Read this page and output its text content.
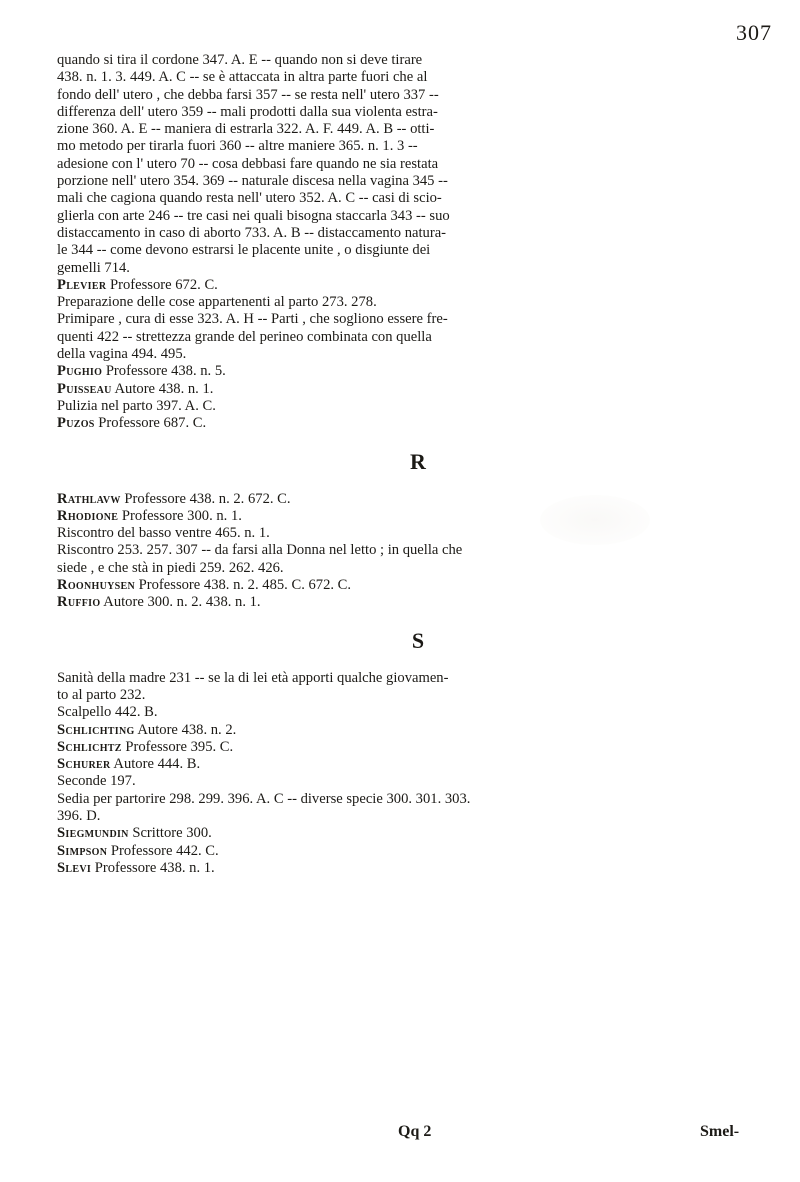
307
quando si tira il cordone 347. A. E -- quando non si deve tirare
438. n. 1. 3. 449. A. C -- se è attaccata in altra parte fuori che al
fondo dell' utero , che debba farsi 357 -- se resta nell' utero 337 --
differenza dell' utero 359 -- mali prodotti dalla sua violenta estra-
zione 360. A. E -- maniera di estrarla 322. A. F. 449. A. B -- otti-
mo metodo per tirarla fuori 360 -- altre maniere 365. n. 1. 3 --
adesione con l' utero 70 -- cosa debbasi fare quando ne sia restata
porzione nell' utero 354. 369 -- naturale discesa nella vagina 345 --
mali che cagiona quando resta nell' utero 352. A. C -- casi di scio-
glierla con arte 246 -- tre casi nei quali bisogna staccarla 343 -- suo
distaccamento in caso di aborto 733. A. B -- distaccamento natura-
le 344 -- come devono estrarsi le placente unite , o disgiunte dei
gemelli 714.
Plevier Professore 672. C.
Preparazione delle cose appartenenti al parto 273. 278.
Primipare , cura di esse 323. A. H -- Parti , che sogliono essere fre-
quenti 422 -- strettezza grande del perineo combinata con quella
della vagina 494. 495.
Pughio Professore 438. n. 5.
Puisseau Autore 438. n. 1.
Pulizia nel parto 397. A. C.
Puzos Professore 687. C.
R
Rathlavw Professore 438. n. 2. 672. C.
Rhodione Professore 300. n. 1.
Riscontro del basso ventre 465. n. 1.
Riscontro 253. 257. 307 -- da farsi alla Donna nel letto ; in quella che
siede , e che stà in piedi 259. 262. 426.
Roonhuysen Professore 438. n. 2. 485. C. 672. C.
Ruffio Autore 300. n. 2. 438. n. 1.
S
Sanità della madre 231 -- se la di lei età apporti qualche giovamen-
to al parto 232.
Scalpello 442. B.
Schlichting Autore 438. n. 2.
Schlichtz Professore 395. C.
Schurer Autore 444. B.
Seconde 197.
Sedia per partorire 298. 299. 396. A. C -- diverse specie 300. 301. 303.
396. D.
Siegmundin Scrittore 300.
Simpson Professore 442. C.
Slevi Professore 438. n. 1.
Qq 2	Smel-
